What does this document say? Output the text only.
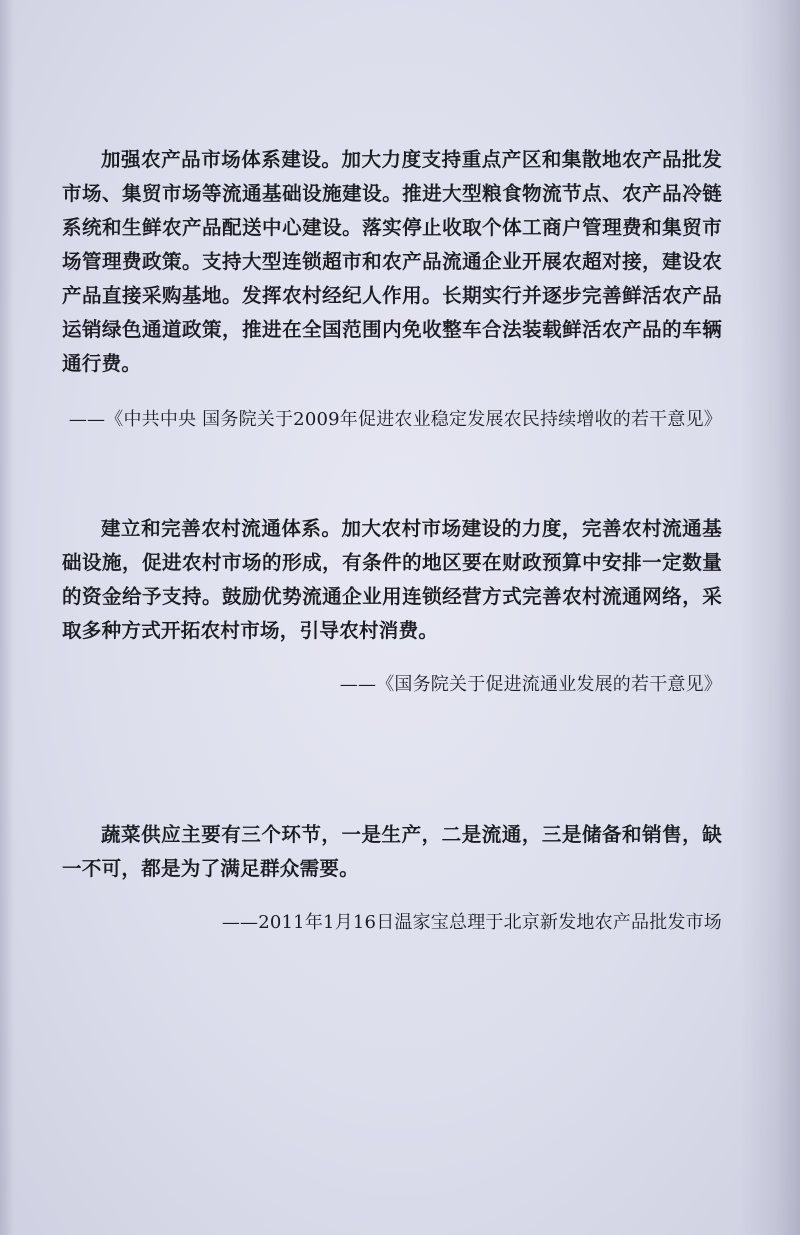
加强农产品市场体系建设。加大力度支持重点产区和集散地农产品批发市场、集贸市场等流通基础设施建设。推进大型粮食物流节点、农产品冷链系统和生鲜农产品配送中心建设。落实停止收取个体工商户管理费和集贸市场管理费政策。支持大型连锁超市和农产品流通企业开展农超对接，建设农产品直接采购基地。发挥农村经纪人作用。长期实行并逐步完善鲜活农产品运销绿色通道政策，推进在全国范围内免收整车合法装载鲜活农产品的车辆通行费。

——《中共中央 国务院关于2009年促进农业稳定发展农民持续增收的若干意见》

建立和完善农村流通体系。加大农村市场建设的力度，完善农村流通基础设施，促进农村市场的形成，有条件的地区要在财政预算中安排一定数量的资金给予支持。鼓励优势流通企业用连锁经营方式完善农村流通网络，采取多种方式开拓农村市场，引导农村消费。

——《国务院关于促进流通业发展的若干意见》

蔬菜供应主要有三个环节，一是生产，二是流通，三是储备和销售，缺一不可，都是为了满足群众需要。

——2011年1月16日温家宝总理于北京新发地农产品批发市场
